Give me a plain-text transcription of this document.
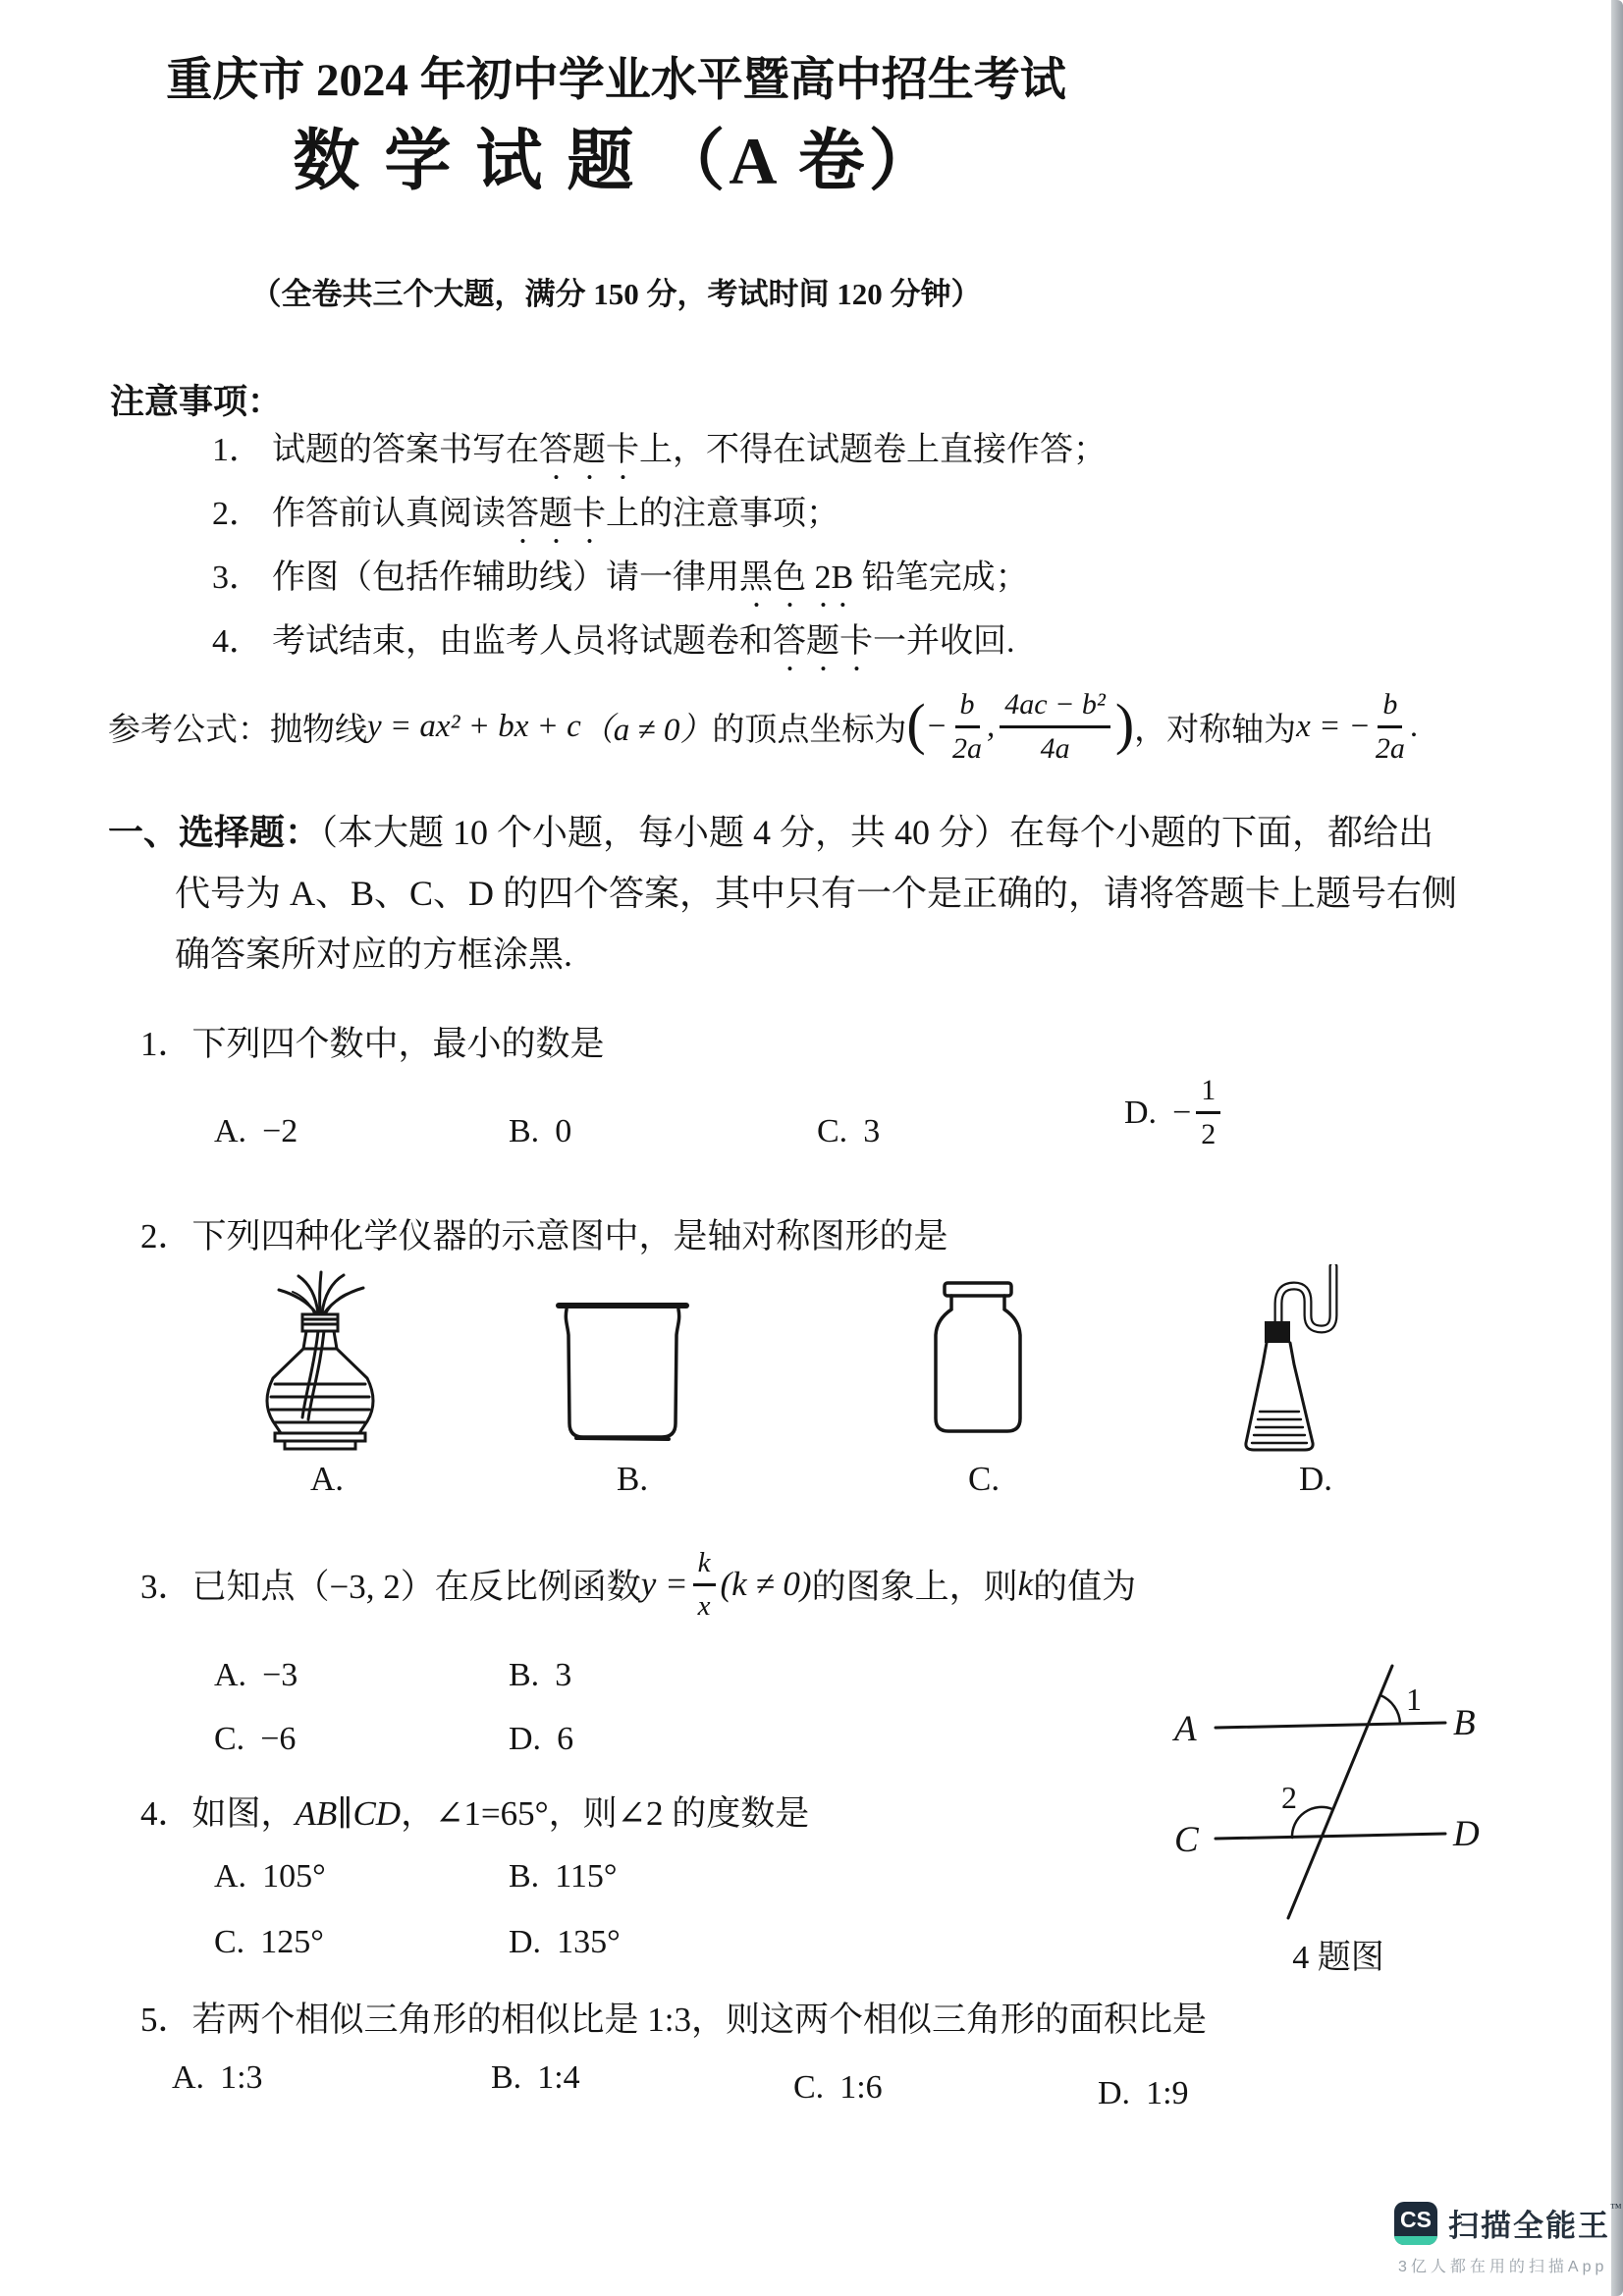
重庆市 2024 年初中学业水平暨高中招生考试
数 学 试 题 （A 卷）
（全卷共三个大题，满分 150 分，考试时间 120 分钟）
注意事项：
1． 试题的答案书写在答题卡上，不得在试题卷上直接作答；
2． 作答前认真阅读答题卡上的注意事项；
3． 作图（包括作辅助线）请一律用黑色 2B 铅笔完成；
4． 考试结束，由监考人员将试题卷和答题卡一并收回.
参考公式： 抛物线 y = ax² + bx + c （a ≠ 0） 的顶点坐标为 ( − $\frac{b}{2a}$ , $\frac{\text{4ac − b²}}{4a}$ ) ，对称轴为 x = − $\frac{b}{2a}$ .
一、选择题：（本大题 10 个小题，每小题 4 分，共 40 分）在每个小题的下面，都给出
代号为 A、B、C、D 的四个答案，其中只有一个是正确的，请将答题卡上题号右侧
确答案所对应的方框涂黑.
1．下列四个数中，最小的数是
A. −2	B. 0	C. 3
D. − $\frac{1}{2}$
2．下列四种化学仪器的示意图中，是轴对称图形的是
A.	B.	C.	D.
3．已知点（−3, 2）在反比例函数 $y = \frac{k}{x} (k \ne 0)$ 的图象上，则 k 的值为
A. −3	B. 3
C. −6	D. 6
4．如图，AB∥CD，∠1=65°，则∠2 的度数是
A. 105°	B. 115°
C. 125°	D. 135°
A	B
C	D
1
2
4 题图
5．若两个相似三角形的相似比是 1:3，则这两个相似三角形的面积比是
A. 1:3	B. 1:4	C. 1:6	D. 1:9
CS 扫描全能王™
3亿人都在用的扫描App
